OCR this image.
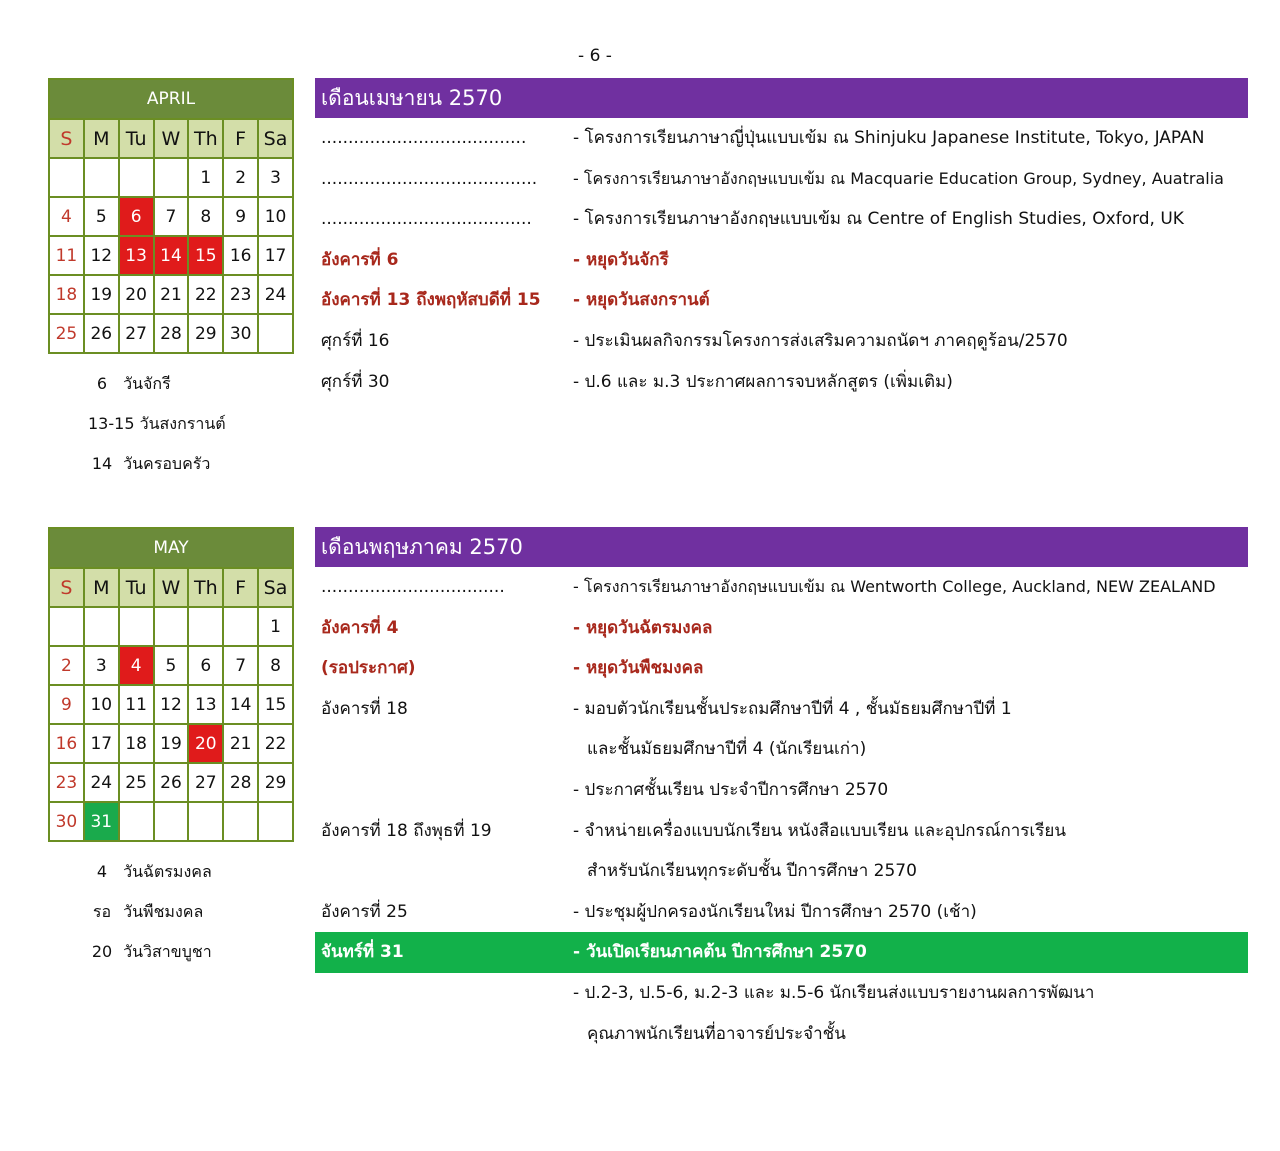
- 6 -
APRIL						
S	M	Tu	W	Th	F	Sa
				1	2	3
4	5	6	7	8	9	10
11	12	13	14	15	16	17
18	19	20	21	22	23	24
25	26	27	28	29	30	
6 วันจักรี
13-15 วันสงกรานต์
14 วันครอบครัว
เดือนเมษายน 2570
......................................	- โครงการเรียนภาษาญี่ปุ่นแบบเข้ม ณ Shinjuku Japanese Institute, Tokyo, JAPAN
........................................ - โครงการเรียนภาษาอังกฤษแบบเข้ม ณ Macquarie Education Group, Sydney, Auatralia
....................................... - โครงการเรียนภาษาอังกฤษแบบเข้ม ณ Centre of English Studies, Oxford, UK
อังคารที่ 6	- หยุดวันจักรี
อังคารที่ 13 ถึงพฤหัสบดีที่ 15 - หยุดวันสงกรานต์
ศุกร์ที่ 16	- ประเมินผลกิจกรรมโครงการส่งเสริมความถนัดฯ ภาคฤดูร้อน/2570
ศุกร์ที่ 30	- ป.6 และ ม.3 ประกาศผลการจบหลักสูตร (เพิ่มเติม)
MAY						
S	M	Tu	W	Th	F	Sa
						1
2	3	4	5	6	7	8
9	10	11	12	13	14	15
16	17	18	19	20	21	22
23	24	25	26	27	28	29
30	31					
4 วันฉัตรมงคล
รอ วันพืชมงคล
20 วันวิสาขบูชา
เดือนพฤษภาคม 2570
..................................	- โครงการเรียนภาษาอังกฤษแบบเข้ม ณ Wentworth College, Auckland, NEW ZEALAND
อังคารที่ 4	- หยุดวันฉัตรมงคล
(รอประกาศ)	- หยุดวันพืชมงคล
อังคารที่ 18	- มอบตัวนักเรียนชั้นประถมศึกษาปีที่ 4 , ชั้นมัธยมศึกษาปีที่ 1
และชั้นมัธยมศึกษาปีที่ 4 (นักเรียนเก่า)
- ประกาศชั้นเรียน ประจำปีการศึกษา 2570
อังคารที่ 18 ถึงพุธที่ 19	- จำหน่ายเครื่องแบบนักเรียน หนังสือแบบเรียน และอุปกรณ์การเรียน
สำหรับนักเรียนทุกระดับชั้น ปีการศึกษา 2570
อังคารที่ 25	- ประชุมผู้ปกครองนักเรียนใหม่ ปีการศึกษา 2570 (เช้า)
จันทร์ที่ 31	- วันเปิดเรียนภาคต้น ปีการศึกษา 2570
- ป.2-3, ป.5-6, ม.2-3 และ ม.5-6 นักเรียนส่งแบบรายงานผลการพัฒนา
คุณภาพนักเรียนที่อาจารย์ประจำชั้น
